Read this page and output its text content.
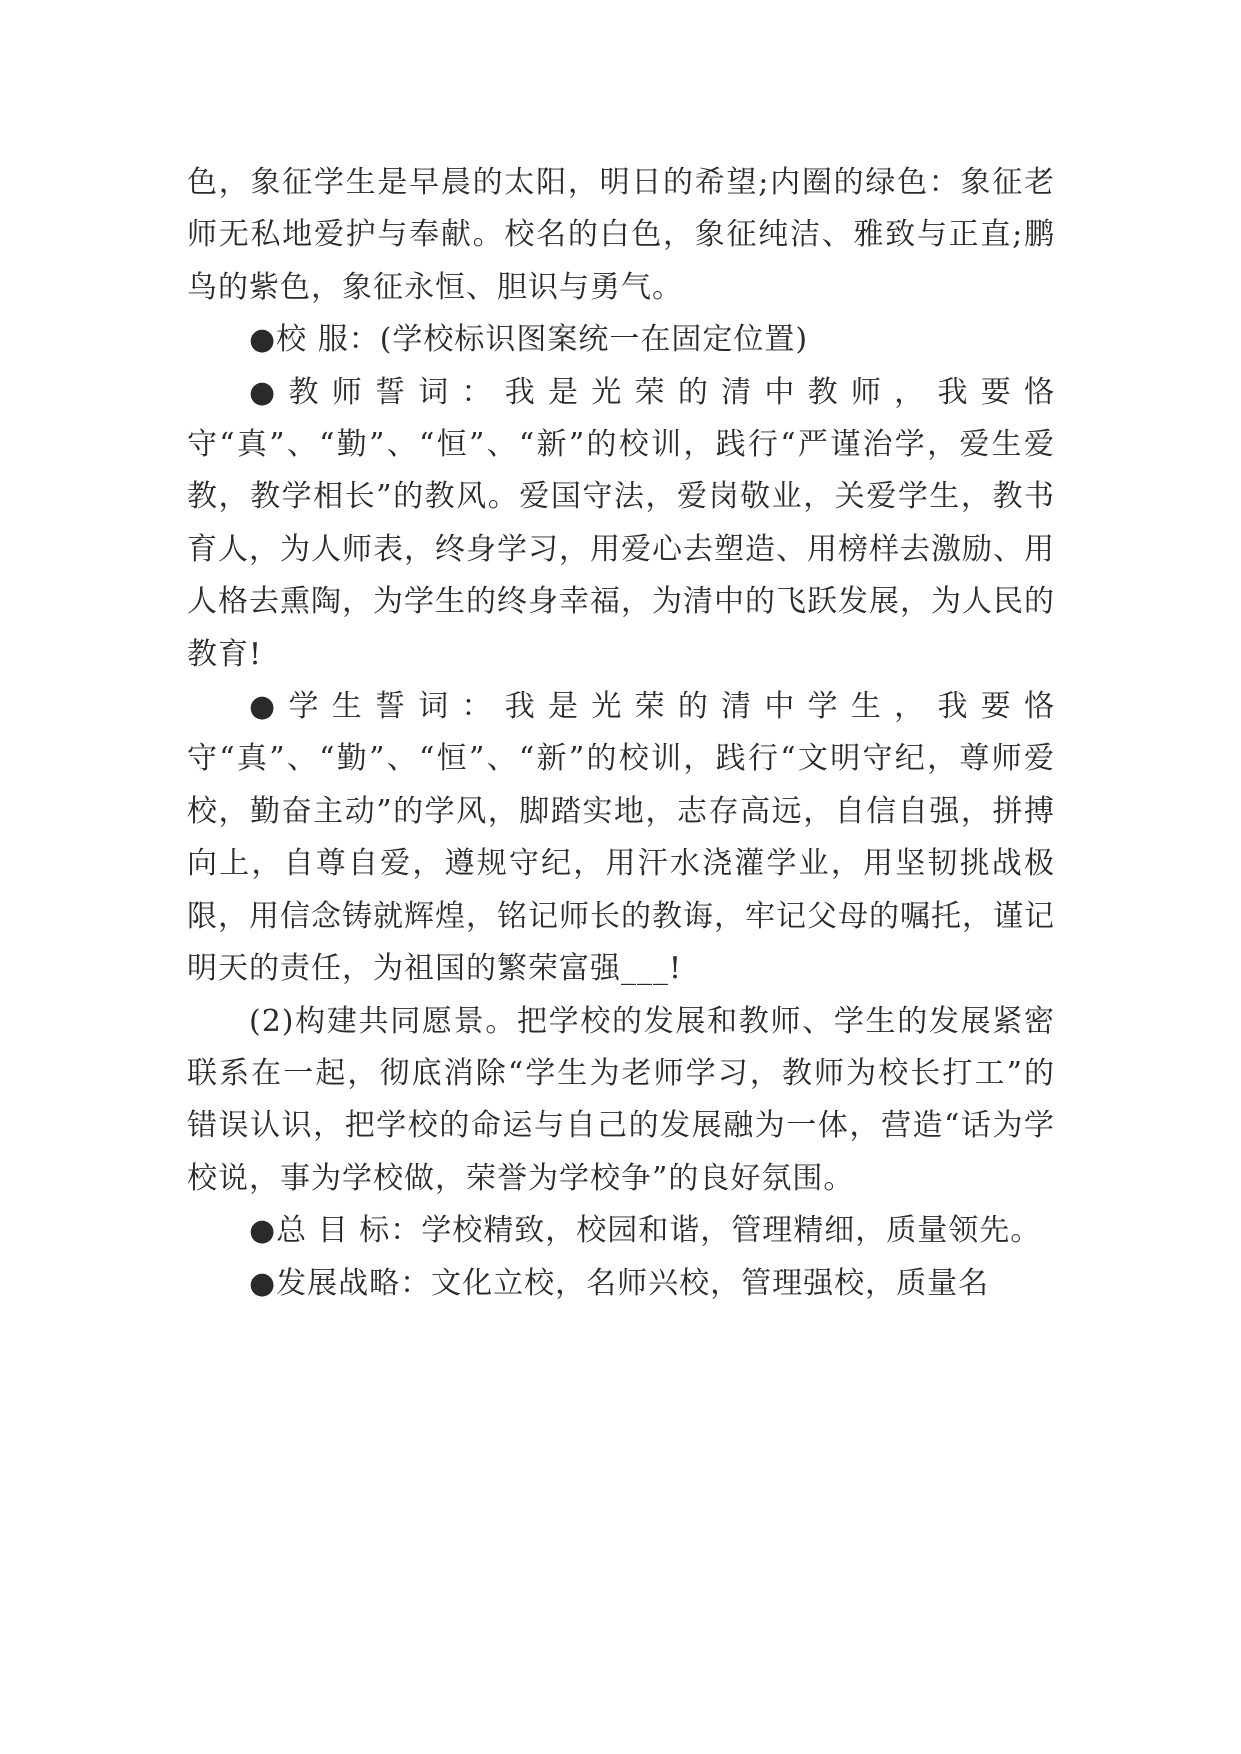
色，象征学生是早晨的太阳，明日的希望;内圈的绿色：象征老师无私地爱护与奉献。校名的白色，象征纯洁、雅致与正直;鹏鸟的紫色，象征永恒、胆识与勇气。

●校 服：(学校标识图案统一在固定位置)

●教师誓词：我是光荣的清中教师，我要恪守“真”、“勤”、“恒”、“新”的校训，践行“严谨治学，爱生爱教，教学相长”的教风。爱国守法，爱岗敬业，关爱学生，教书育人，为人师表，终身学习，用爱心去塑造、用榜样去激励、用人格去熏陶，为学生的终身幸福，为清中的飞跃发展，为人民的教育!

●学生誓词：我是光荣的清中学生，我要恪守“真”、“勤”、“恒”、“新”的校训，践行“文明守纪，尊师爱校，勤奋主动”的学风，脚踏实地，志存高远，自信自强，拼搏向上，自尊自爱，遵规守纪，用汗水浇灌学业，用坚韧挑战极限，用信念铸就辉煌，铭记师长的教诲，牢记父母的嘱托，谨记明天的责任，为祖国的繁荣富强___!

(2)构建共同愿景。把学校的发展和教师、学生的发展紧密联系在一起，彻底消除“学生为老师学习，教师为校长打工”的错误认识，把学校的命运与自己的发展融为一体，营造“话为学校说，事为学校做，荣誉为学校争”的良好氛围。

●总 目 标：学校精致，校园和谐，管理精细，质量领先。

●发展战略：文化立校，名师兴校，管理强校，质量名
